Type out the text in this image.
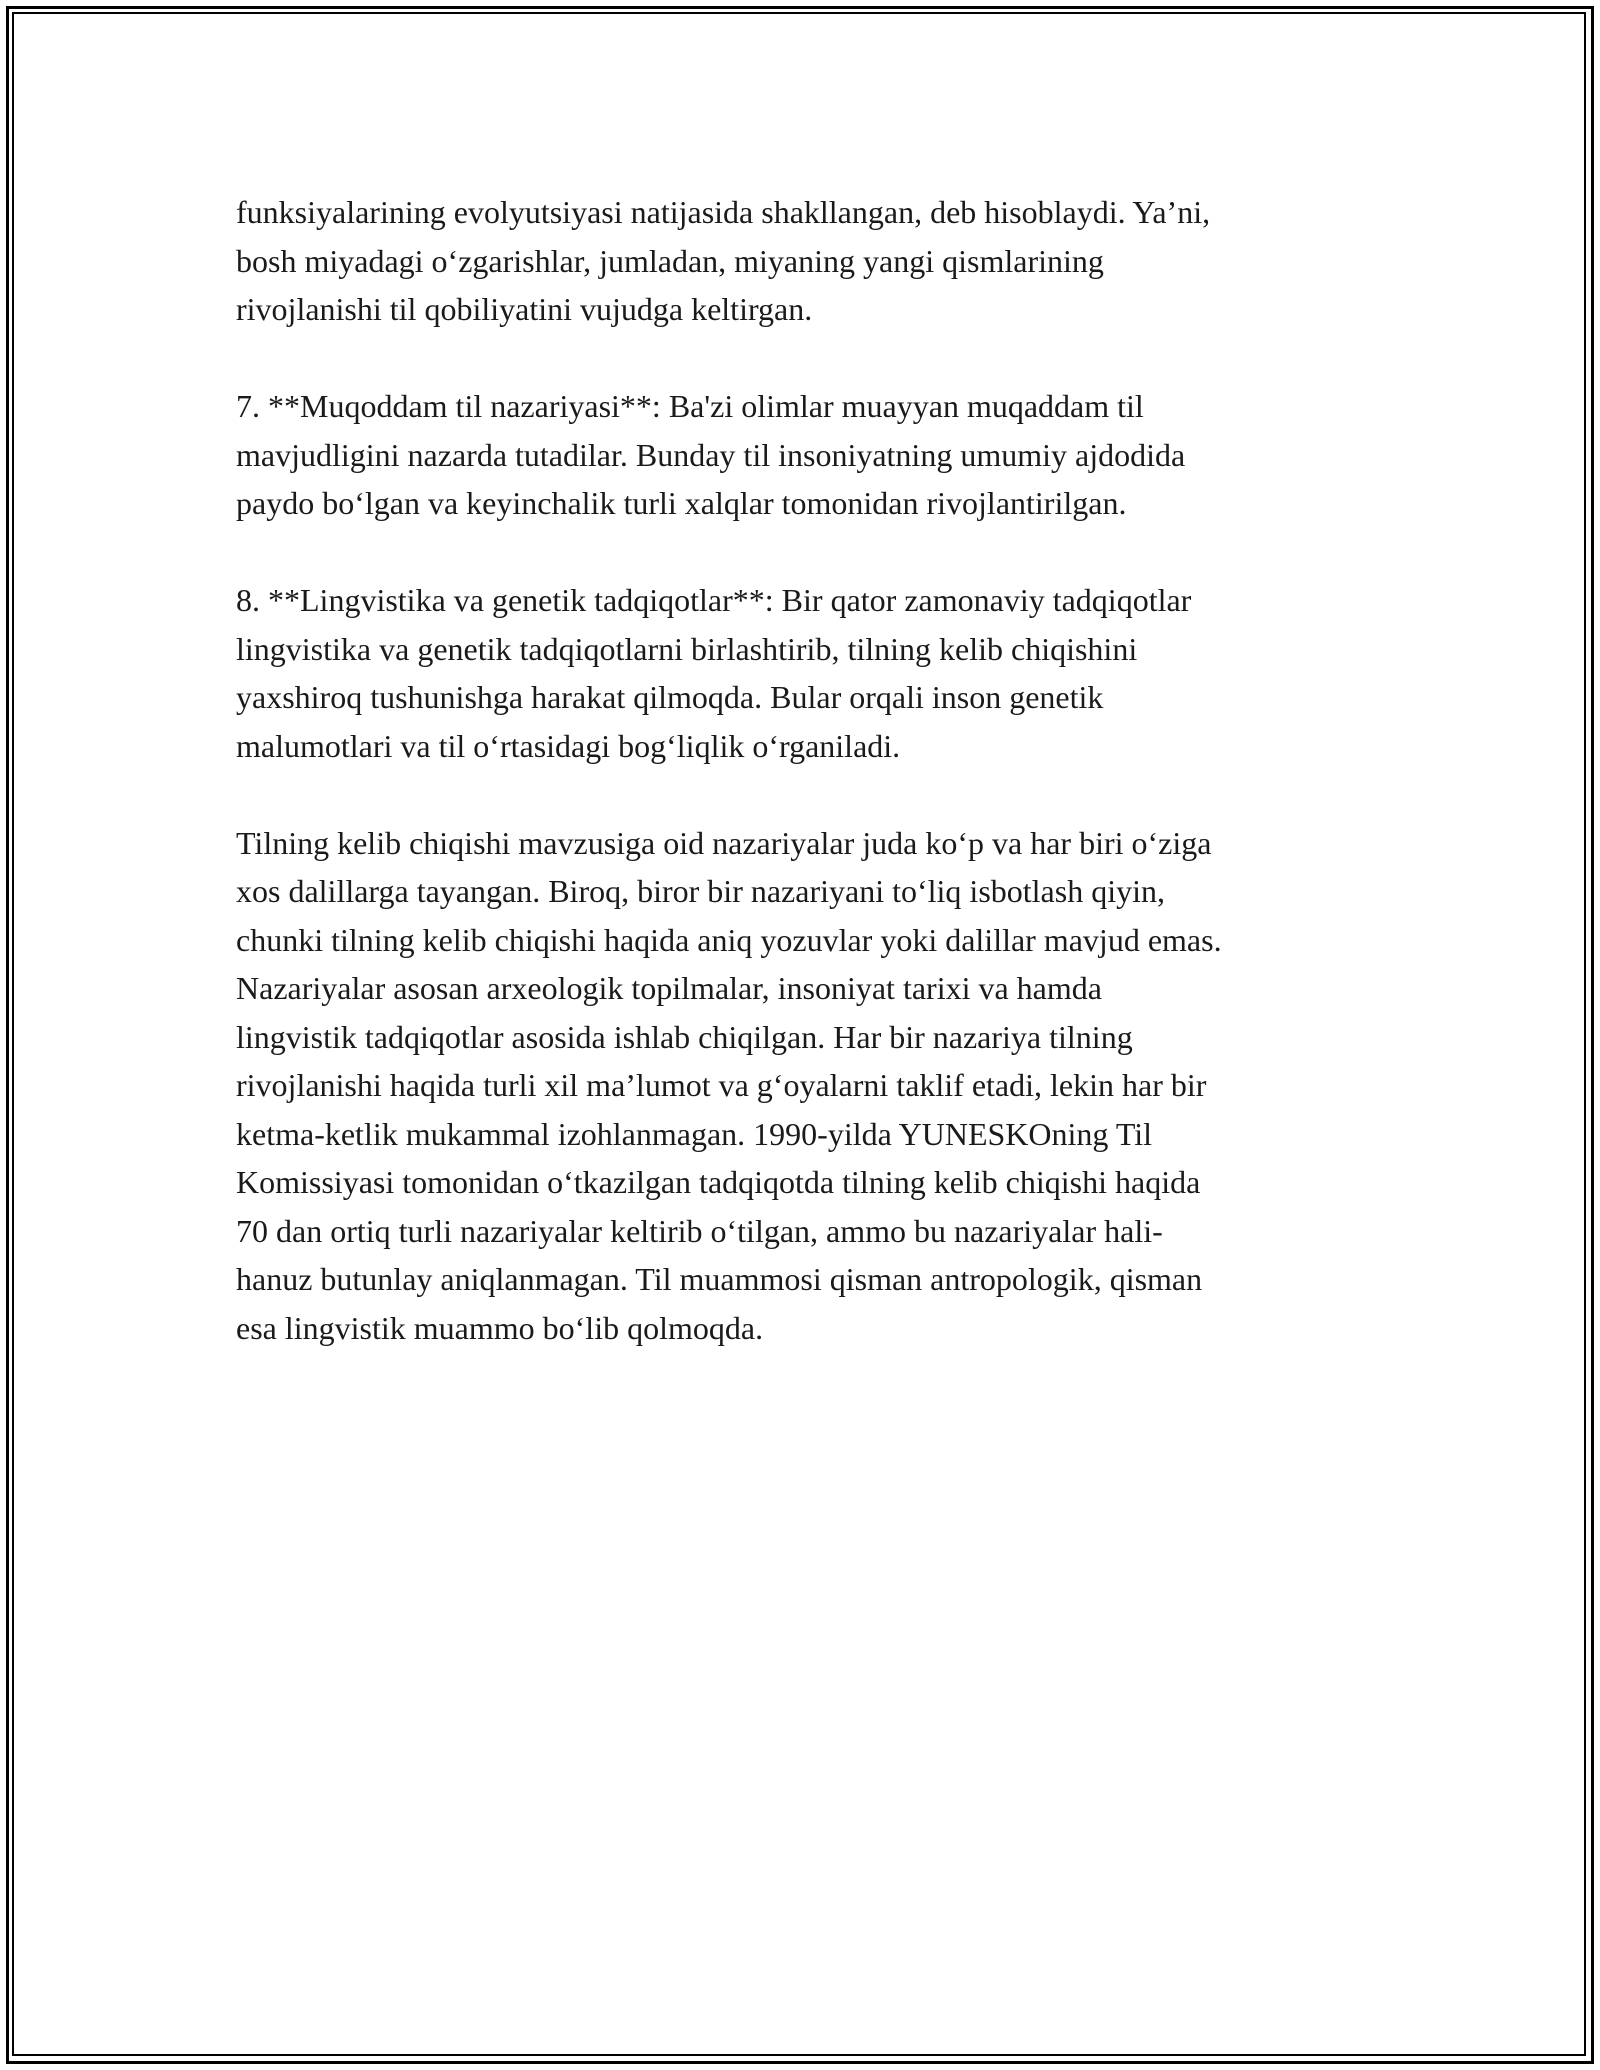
funksiyalarining evolyutsiyasi natijasida shakllangan, deb hisoblaydi. Ya’ni,
bosh miyadagi o‘zgarishlar, jumladan, miyaning yangi qismlarining
rivojlanishi til qobiliyatini vujudga keltirgan.

7. **Muqoddam til nazariyasi**: Ba'zi olimlar muayyan muqaddam til
mavjudligini nazarda tutadilar. Bunday til insoniyatning umumiy ajdodida
paydo bo‘lgan va keyinchalik turli xalqlar tomonidan rivojlantirilgan.

8. **Lingvistika va genetik tadqiqotlar**: Bir qator zamonaviy tadqiqotlar
lingvistika va genetik tadqiqotlarni birlashtirib, tilning kelib chiqishini
yaxshiroq tushunishga harakat qilmoqda. Bular orqali inson genetik
malumotlari va til o‘rtasidagi bog‘liqlik o‘rganiladi.

Tilning kelib chiqishi mavzusiga oid nazariyalar juda ko‘p va har biri o‘ziga
xos dalillarga tayangan. Biroq, biror bir nazariyani to‘liq isbotlash qiyin,
chunki tilning kelib chiqishi haqida aniq yozuvlar yoki dalillar mavjud emas.
Nazariyalar asosan arxeologik topilmalar, insoniyat tarixi va hamda
lingvistik tadqiqotlar asosida ishlab chiqilgan. Har bir nazariya tilning
rivojlanishi haqida turli xil ma’lumot va g‘oyalarni taklif etadi, lekin har bir
ketma-ketlik mukammal izohlanmagan. 1990-yilda YUNESKOning Til
Komissiyasi tomonidan o‘tkazilgan tadqiqotda tilning kelib chiqishi haqida
70 dan ortiq turli nazariyalar keltirib o‘tilgan, ammo bu nazariyalar hali-
hanuz butunlay aniqlanmagan. Til muammosi qisman antropologik, qisman
esa lingvistik muammo bo‘lib qolmoqda.
